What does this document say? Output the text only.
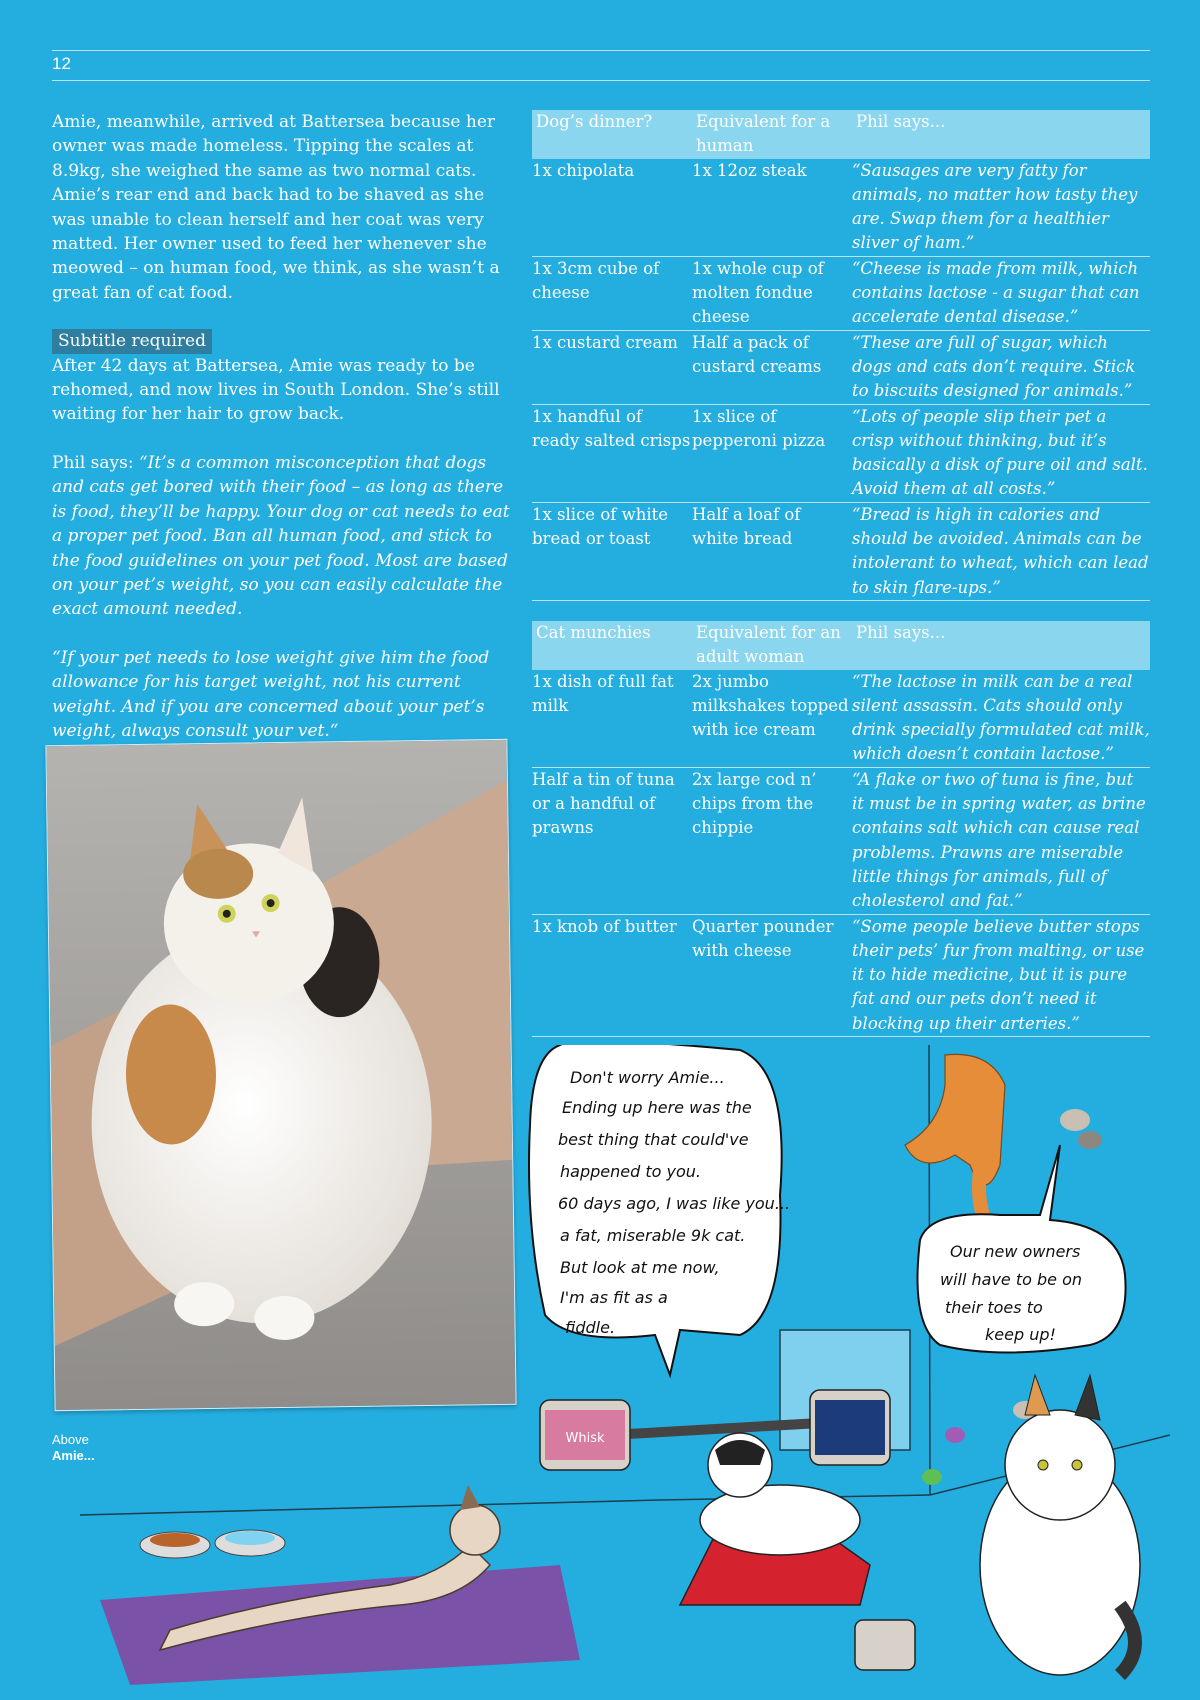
12

Amie, meanwhile, arrived at Battersea because her owner was made homeless. Tipping the scales at 8.9kg, she weighed the same as two normal cats. Amie’s rear end and back had to be shaved as she was unable to clean herself and her coat was very matted. Her owner used to feed her whenever she meowed – on human food, we think, as she wasn’t a great fan of cat food.

Subtitle required

After 42 days at Battersea, Amie was ready to be rehomed, and now lives in South London. She’s still waiting for her hair to grow back.

Phil says: “It’s a common misconception that dogs and cats get bored with their food – as long as there is food, they’ll be happy. Your dog or cat needs to eat a proper pet food. Ban all human food, and stick to the food guidelines on your pet food. Most are based on your pet’s weight, so you can easily calculate the exact amount needed.

“If your pet needs to lose weight give him the food allowance for his target weight, not his current weight. And if you are concerned about your pet’s weight, always consult your vet.“

Above
Amie...
Dog’s dinner?	Equivalent for a human	Phil says...
1x chipolata	1x 12oz steak	“Sausages are very fatty for animals, no matter how tasty they are. Swap them for a healthier sliver of ham.”
1x 3cm cube of cheese	1x whole cup of molten fondue cheese	“Cheese is made from milk, which contains lactose - a sugar that can accelerate dental disease.”
1x custard cream	Half a pack of custard creams	“These are full of sugar, which dogs and cats don’t require. Stick to biscuits designed for animals.”
1x handful of ready salted crisps	1x slice of pepperoni pizza	“Lots of people slip their pet a crisp without thinking, but it’s basically a disk of pure oil and salt. Avoid them at all costs.”
1x slice of white bread or toast	Half a loaf of white bread	“Bread is high in calories and should be avoided. Animals can be intolerant to wheat, which can lead to skin flare-ups.”
Cat munchies	Equivalent for an adult woman	Phil says...
1x dish of full fat milk	2x jumbo milkshakes topped with ice cream	“The lactose in milk can be a real silent assassin. Cats should only drink specially formulated cat milk, which doesn’t contain lactose.”
Half a tin of tuna or a handful of prawns	2x large cod n’ chips from the chippie	“A flake or two of tuna is fine, but it must be in spring water, as brine contains salt which can cause real problems. Prawns are miserable little things for animals, full of cholesterol and fat.”
1x knob of butter	Quarter pounder with cheese	“Some people believe butter stops their pets’ fur from malting, or use it to hide medicine, but it is pure fat and our pets don’t need it blocking up their arteries.”
Don't worry Amie...
Ending up here was the
best thing that could've
happened to you.
60 days ago, I was like you...
a fat, miserable 9k cat.
But look at me now,
I'm as fit as a
fiddle.
Our new owners
will have to be on
their toes to
keep up!
Whisk
